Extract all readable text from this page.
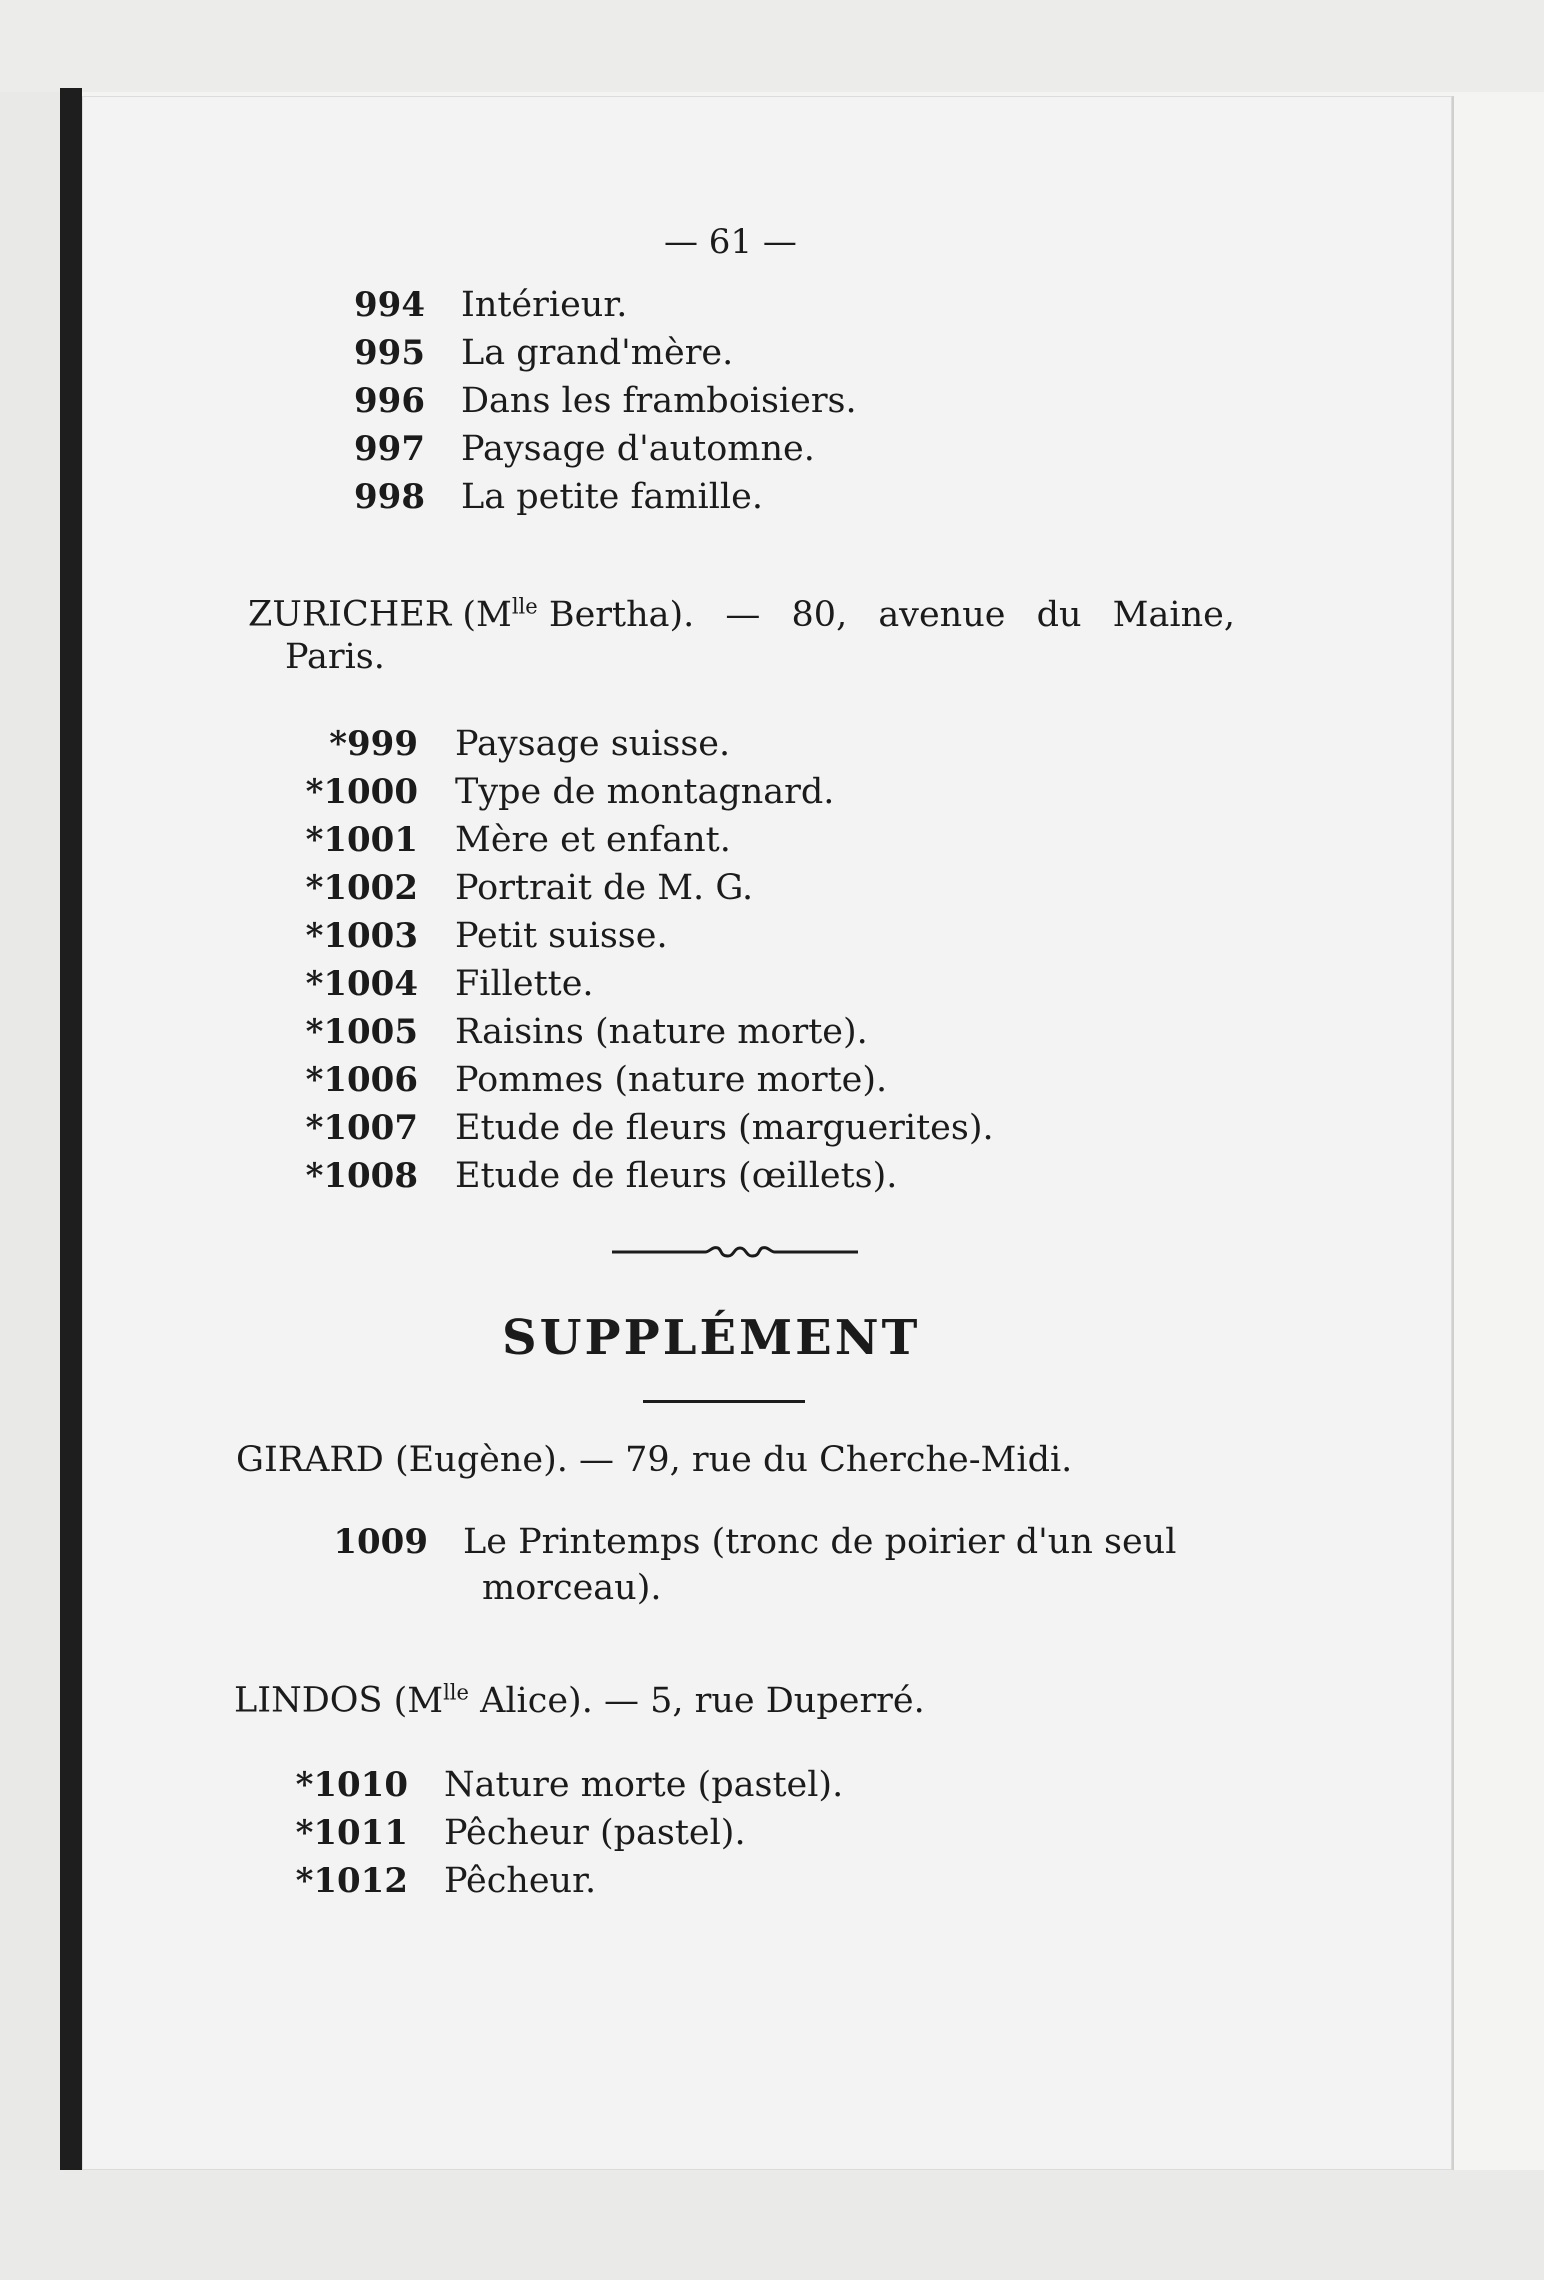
— 61 —
994 Intérieur.
995 La grand'mère.
996 Dans les framboisiers.
997 Paysage d'automne.
998 La petite famille.
ZURICHER ($M^{lle}$ Bertha). — 80, avenue du Maine,
Paris.
*999 Paysage suisse.
*1000 Type de montagnard.
*1001 Mère et enfant.
*1002 Portrait de M. G.
*1003 Petit suisse.
*1004 Fillette.
*1005 Raisins (nature morte).
*1006 Pommes (nature morte).
*1007 Etude de fleurs (marguerites).
*1008 Etude de fleurs (œillets).
SUPPLÉMENT
GIRARD (Eugène). — 79, rue du Cherche-Midi.
1009 Le Printemps (tronc de poirier d'un seul
morceau).
LINDOS ($M^{lle}$ Alice). — 5, rue Duperré.
*1010 Nature morte (pastel).
*1011 Pêcheur (pastel).
*1012 Pêcheur.
